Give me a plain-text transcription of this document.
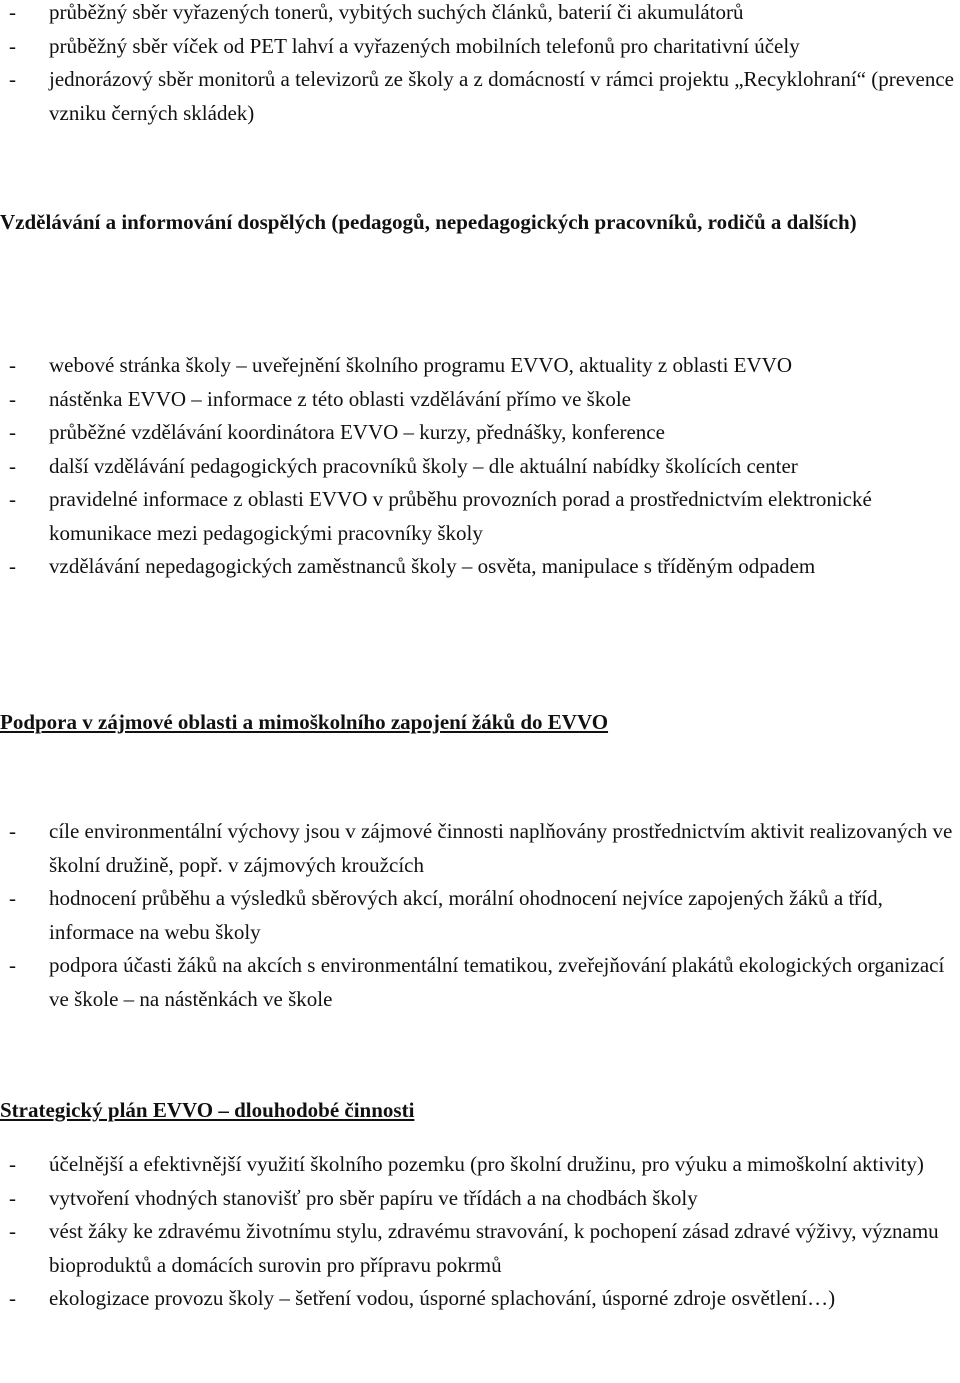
- průběžný sběr vyřazených tonerů, vybitých suchých článků, baterií či akumulátorů
- průběžný sběr víček od PET lahví a vyřazených mobilních telefonů pro charitativní účely
- jednorázový sběr monitorů a televizorů ze školy a z domácností v rámci projektu „Recyklohraní“ (prevence vzniku černých skládek)
Vzdělávání a informování dospělých (pedagogů, nepedagogických pracovníků, rodičů a dalších)
- webové stránka školy – uveřejnění školního programu EVVO, aktuality z oblasti EVVO
- nástěnka EVVO – informace z této oblasti vzdělávání přímo ve škole
- průběžné vzdělávání koordinátora EVVO – kurzy, přednášky, konference
- další vzdělávání pedagogických pracovníků školy – dle aktuální nabídky školících center
- pravidelné informace z oblasti EVVO v průběhu provozních porad a prostřednictvím elektronické komunikace mezi pedagogickými pracovníky školy
- vzdělávání nepedagogických zaměstnanců školy – osvěta, manipulace s tříděným odpadem
Podpora v zájmové oblasti a mimoškolního zapojení žáků do EVVO
- cíle environmentální výchovy jsou v zájmové činnosti naplňovány prostřednictvím aktivit realizovaných ve školní družině, popř. v zájmových kroužcích
- hodnocení průběhu a výsledků sběrových akcí, morální ohodnocení nejvíce zapojených žáků a tříd, informace na webu školy
- podpora účasti žáků na akcích s environmentální tematikou, zveřejňování plakátů ekologických organizací ve škole – na nástěnkách ve škole
Strategický plán EVVO – dlouhodobé činnosti
- účelnější a efektivnější využití školního pozemku (pro školní družinu, pro výuku a mimoškolní aktivity)
- vytvoření vhodných stanovišť pro sběr papíru ve třídách a na chodbách školy
- vést žáky ke zdravému životnímu stylu, zdravému stravování, k pochopení zásad zdravé výživy, významu bioproduktů a domácích surovin pro přípravu pokrmů
- ekologizace provozu školy – šetření vodou, úsporné splachování, úsporné zdroje osvětlení…)
